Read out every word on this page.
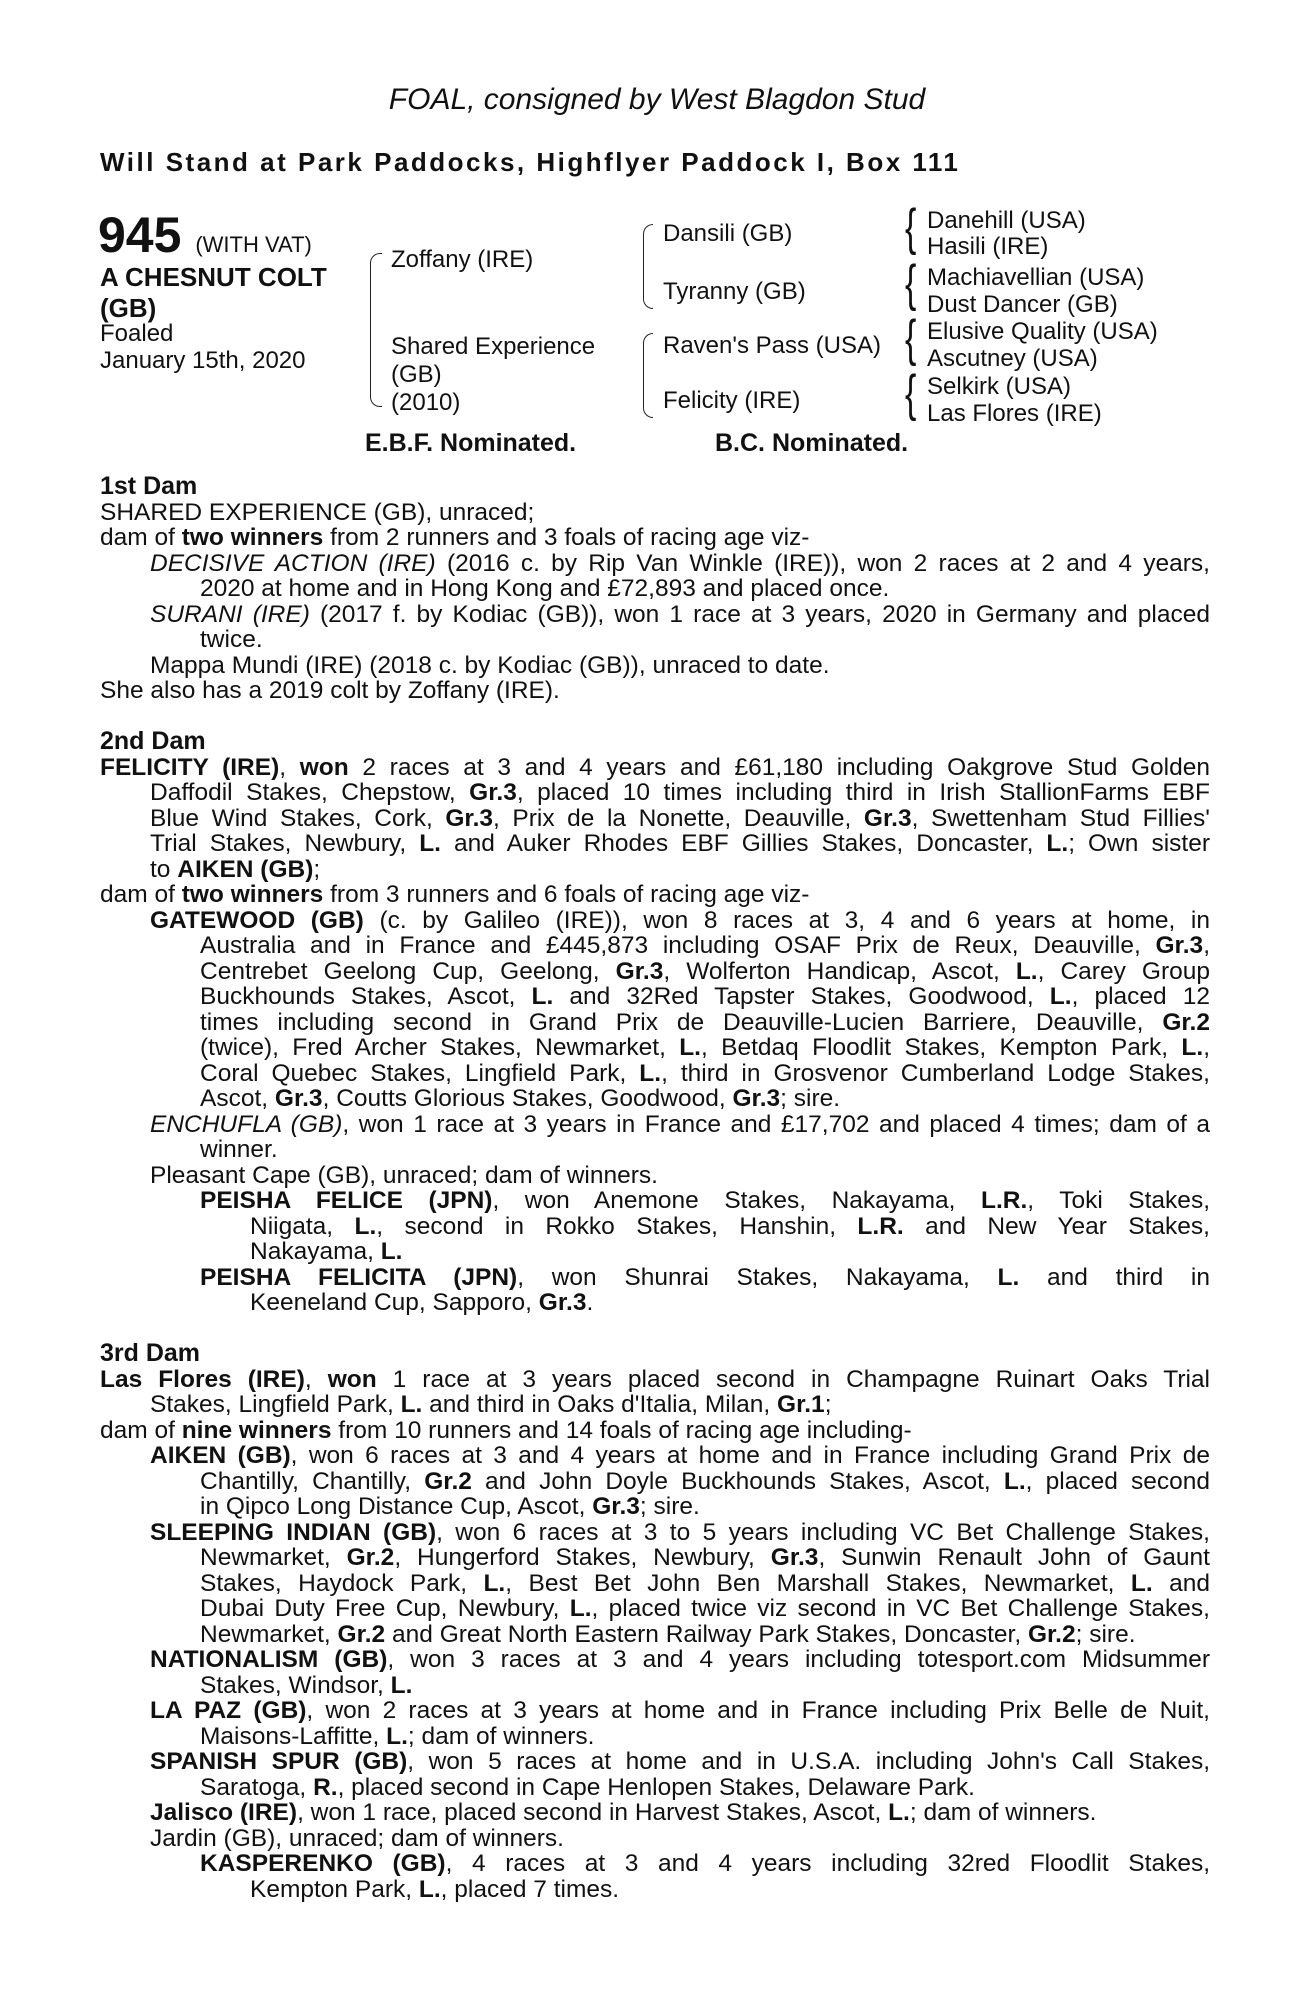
FOAL, consigned by West Blagdon Stud
Will Stand at Park Paddocks, Highflyer Paddock I, Box 111
945 (WITH VAT)
A CHESNUT COLT
(GB)
Foaled
January 15th, 2020
Zoffany (IRE)
Shared Experience
(GB)
(2010)
Dansili (GB)
Tyranny (GB)
Raven's Pass (USA)
Felicity (IRE)
{
{
{
{
Danehill (USA)
Hasili (IRE)
Machiavellian (USA)
Dust Dancer (GB)
Elusive Quality (USA)
Ascutney (USA)
Selkirk (USA)
Las Flores (IRE)
E.B.F. Nominated.	B.C. Nominated.
1st Dam
SHARED EXPERIENCE (GB), unraced;
dam of two winners from 2 runners and 3 foals of racing age viz-
DECISIVE ACTION (IRE) (2016 c. by Rip Van Winkle (IRE)), won 2 races at 2 and 4 years,
2020 at home and in Hong Kong and £72,893 and placed once.
SURANI (IRE) (2017 f. by Kodiac (GB)), won 1 race at 3 years, 2020 in Germany and placed
twice.
Mappa Mundi (IRE) (2018 c. by Kodiac (GB)), unraced to date.
She also has a 2019 colt by Zoffany (IRE).
2nd Dam
FELICITY (IRE), won 2 races at 3 and 4 years and £61,180 including Oakgrove Stud Golden
Daffodil Stakes, Chepstow, Gr.3, placed 10 times including third in Irish StallionFarms EBF
Blue Wind Stakes, Cork, Gr.3, Prix de la Nonette, Deauville, Gr.3, Swettenham Stud Fillies'
Trial Stakes, Newbury, L. and Auker Rhodes EBF Gillies Stakes, Doncaster, L.; Own sister
to AIKEN (GB);
dam of two winners from 3 runners and 6 foals of racing age viz-
GATEWOOD (GB) (c. by Galileo (IRE)), won 8 races at 3, 4 and 6 years at home, in
Australia and in France and £445,873 including OSAF Prix de Reux, Deauville, Gr.3,
Centrebet Geelong Cup, Geelong, Gr.3, Wolferton Handicap, Ascot, L., Carey Group
Buckhounds Stakes, Ascot, L. and 32Red Tapster Stakes, Goodwood, L., placed 12
times including second in Grand Prix de Deauville-Lucien Barriere, Deauville, Gr.2
(twice), Fred Archer Stakes, Newmarket, L., Betdaq Floodlit Stakes, Kempton Park, L.,
Coral Quebec Stakes, Lingfield Park, L., third in Grosvenor Cumberland Lodge Stakes,
Ascot, Gr.3, Coutts Glorious Stakes, Goodwood, Gr.3; sire.
ENCHUFLA (GB), won 1 race at 3 years in France and £17,702 and placed 4 times; dam of a
winner.
Pleasant Cape (GB), unraced; dam of winners.
PEISHA FELICE (JPN), won Anemone Stakes, Nakayama, L.R., Toki Stakes,
Niigata, L., second in Rokko Stakes, Hanshin, L.R. and New Year Stakes,
Nakayama, L.
PEISHA FELICITA (JPN), won Shunrai Stakes, Nakayama, L. and third in
Keeneland Cup, Sapporo, Gr.3.
3rd Dam
Las Flores (IRE), won 1 race at 3 years placed second in Champagne Ruinart Oaks Trial
Stakes, Lingfield Park, L. and third in Oaks d'Italia, Milan, Gr.1;
dam of nine winners from 10 runners and 14 foals of racing age including-
AIKEN (GB), won 6 races at 3 and 4 years at home and in France including Grand Prix de
Chantilly, Chantilly, Gr.2 and John Doyle Buckhounds Stakes, Ascot, L., placed second
in Qipco Long Distance Cup, Ascot, Gr.3; sire.
SLEEPING INDIAN (GB), won 6 races at 3 to 5 years including VC Bet Challenge Stakes,
Newmarket, Gr.2, Hungerford Stakes, Newbury, Gr.3, Sunwin Renault John of Gaunt
Stakes, Haydock Park, L., Best Bet John Ben Marshall Stakes, Newmarket, L. and
Dubai Duty Free Cup, Newbury, L., placed twice viz second in VC Bet Challenge Stakes,
Newmarket, Gr.2 and Great North Eastern Railway Park Stakes, Doncaster, Gr.2; sire.
NATIONALISM (GB), won 3 races at 3 and 4 years including totesport.com Midsummer
Stakes, Windsor, L.
LA PAZ (GB), won 2 races at 3 years at home and in France including Prix Belle de Nuit,
Maisons-Laffitte, L.; dam of winners.
SPANISH SPUR (GB), won 5 races at home and in U.S.A. including John's Call Stakes,
Saratoga, R., placed second in Cape Henlopen Stakes, Delaware Park.
Jalisco (IRE), won 1 race, placed second in Harvest Stakes, Ascot, L.; dam of winners.
Jardin (GB), unraced; dam of winners.
KASPERENKO (GB), 4 races at 3 and 4 years including 32red Floodlit Stakes,
Kempton Park, L., placed 7 times.
